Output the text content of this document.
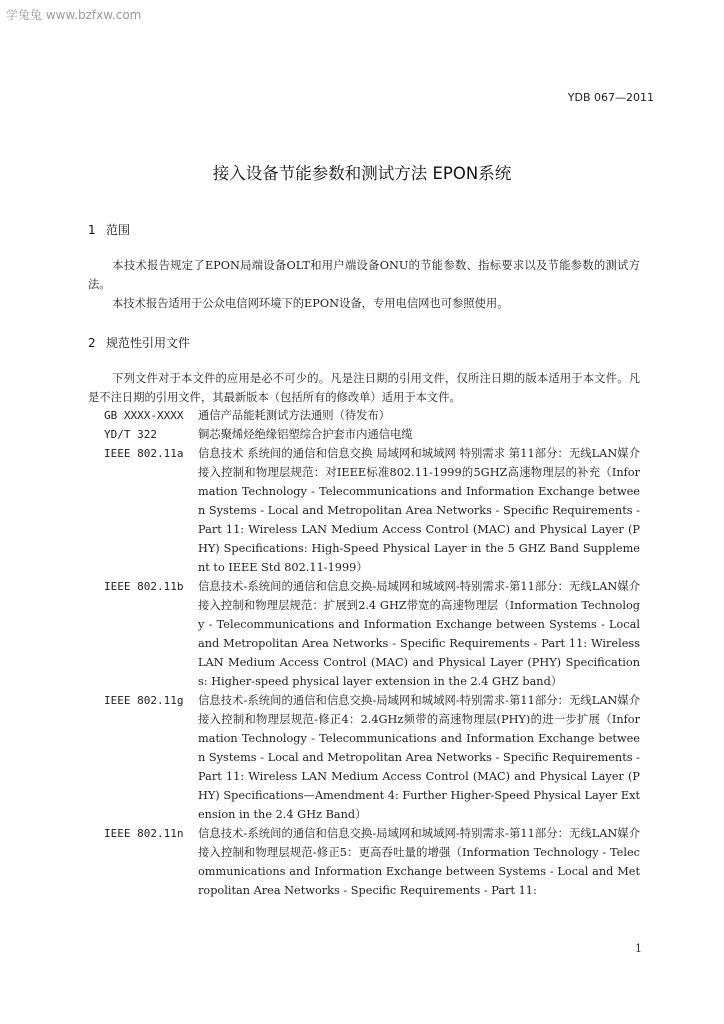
学兔兔 www.bzfxw.com
YDB 067—2011
接入设备节能参数和测试方法 EPON系统
1 范围
本技术报告规定了EPON局端设备OLT和用户端设备ONU的节能参数、指标要求以及节能参数的测试方法。
本技术报告适用于公众电信网环境下的EPON设备，专用电信网也可参照使用。
2 规范性引用文件
下列文件对于本文件的应用是必不可少的。凡是注日期的引用文件，仅所注日期的版本适用于本文件。凡是不注日期的引用文件，其最新版本（包括所有的修改单）适用于本文件。
GB XXXX-XXXX	通信产品能耗测试方法通则（待发布）
YD/T 322	铜芯聚烯烃绝缘铝塑综合护套市内通信电缆
IEEE 802.11a	信息技术 系统间的通信和信息交换 局域网和城域网 特别需求 第11部分：无线LAN媒介接入控制和物理层规范：对IEEE标准802.11-1999的5GHZ高速物理层的补充（Information Technology - Telecommunications and Information Exchange between Systems - Local and Metropolitan Area Networks - Specific Requirements - Part 11: Wireless LAN Medium Access Control (MAC) and Physical Layer (PHY) Specifications: High-Speed Physical Layer in the 5 GHZ Band Supplement to IEEE Std 802.11-1999）
IEEE 802.11b	信息技术-系统间的通信和信息交换-局域网和城域网-特别需求-第11部分：无线LAN媒介接入控制和物理层规范：扩展到2.4 GHZ带宽的高速物理层（Information Technology - Telecommunications and Information Exchange between Systems - Local and Metropolitan Area Networks - Specific Requirements - Part 11: Wireless LAN Medium Access Control (MAC) and Physical Layer (PHY) Specifications: Higher-speed physical layer extension in the 2.4 GHZ band）
IEEE 802.11g	信息技术-系统间的通信和信息交换-局域网和城域网-特别需求-第11部分：无线LAN媒介接入控制和物理层规范-修正4：2.4GHz频带的高速物理层(PHY)的进一步扩展（Information Technology - Telecommunications and Information Exchange between Systems - Local and Metropolitan Area Networks - Specific Requirements - Part 11: Wireless LAN Medium Access Control (MAC) and Physical Layer (PHY) Specifications—Amendment 4: Further Higher-Speed Physical Layer Extension in the 2.4 GHz Band）
IEEE 802.11n	信息技术-系统间的通信和信息交换-局域网和城域网-特别需求-第11部分：无线LAN媒介接入控制和物理层规范-修正5：更高吞吐量的增强（Information Technology - Telecommunications and Information Exchange between Systems - Local and Metropolitan Area Networks - Specific Requirements - Part 11:
1
